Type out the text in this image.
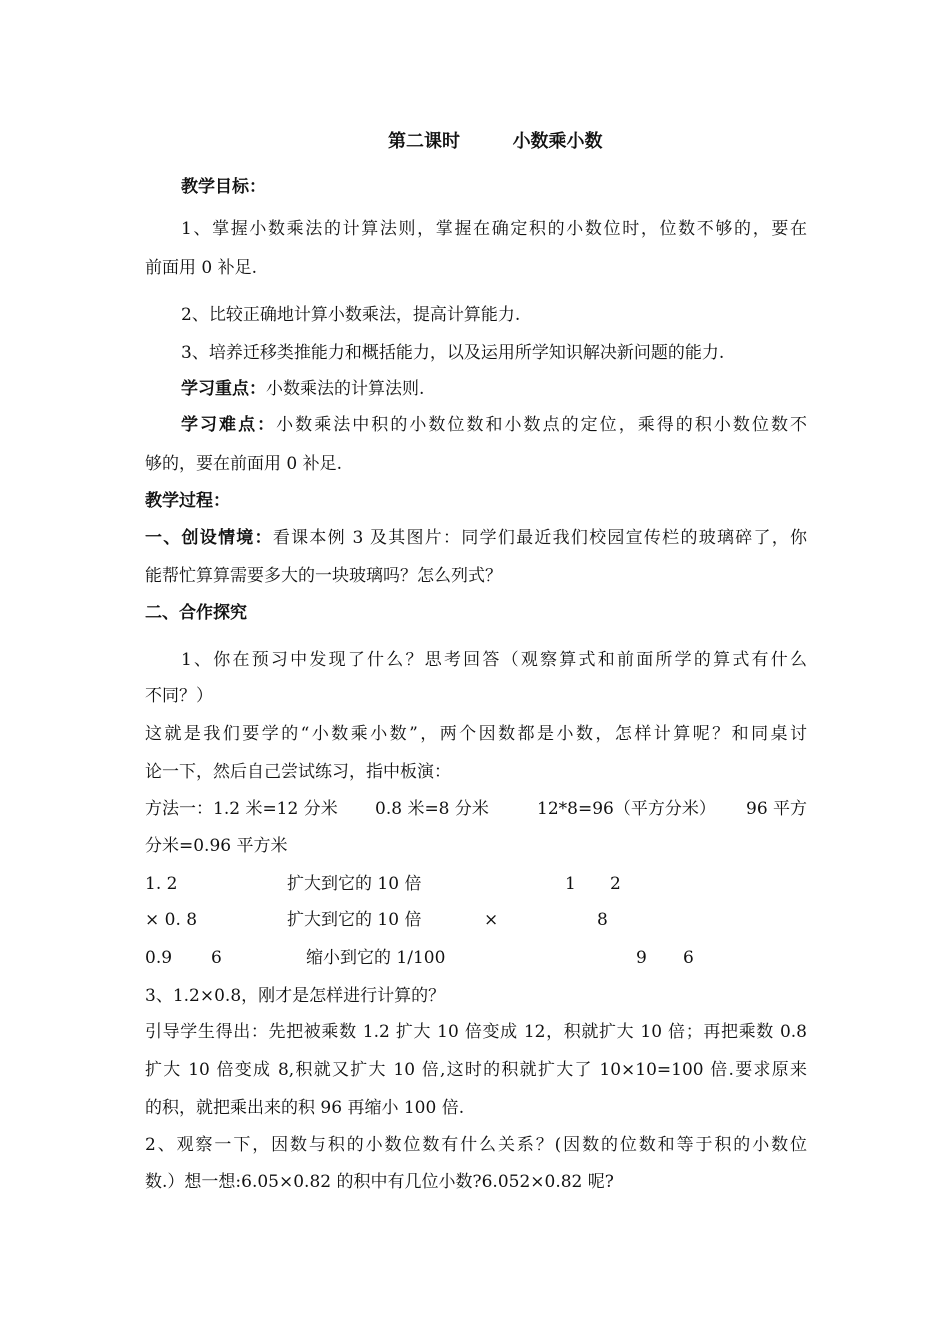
第二课时	小数乘小数
教学目标：
1、掌握小数乘法的计算法则，掌握在确定积的小数位时，位数不够的，要在
前面用 0 补足.
2、比较正确地计算小数乘法，提高计算能力.
3、培养迁移类推能力和概括能力，以及运用所学知识解决新问题的能力.
学习重点：小数乘法的计算法则.
学习难点：小数乘法中积的小数位数和小数点的定位，乘得的积小数位数不
够的，要在前面用 0 补足.
教学过程：
一、创设情境：看课本例 3 及其图片：同学们最近我们校园宣传栏的玻璃碎了，你
能帮忙算算需要多大的一块玻璃吗？怎么列式？
二、合作探究
1、你在预习中发现了什么？思考回答（观察算式和前面所学的算式有什么
不同？）
这就是我们要学的“小数乘小数”，两个因数都是小数，怎样计算呢？和同桌讨
论一下，然后自己尝试练习，指中板演：
方法一：1.2 米=12 分米 0.8 米=8 分米	12*8=96（平方分米） 96 平方
分米=0.96 平方米
1. 2	扩大到它的 10 倍	1 2
× 0. 8	扩大到它的 10 倍	×	8
0.9 6	缩小到它的 1/100	9 6
3、1.2×0.8，刚才是怎样进行计算的？
引导学生得出：先把被乘数 1.2 扩大 10 倍变成 12，积就扩大 10 倍；再把乘数 0.8
扩大 10 倍变成 8,积就又扩大 10 倍,这时的积就扩大了 10×10=100 倍.要求原来
的积，就把乘出来的积 96 再缩小 100 倍.
2、观察一下，因数与积的小数位数有什么关系？(因数的位数和等于积的小数位
数.）想一想:6.05×0.82 的积中有几位小数?6.052×0.82 呢?
